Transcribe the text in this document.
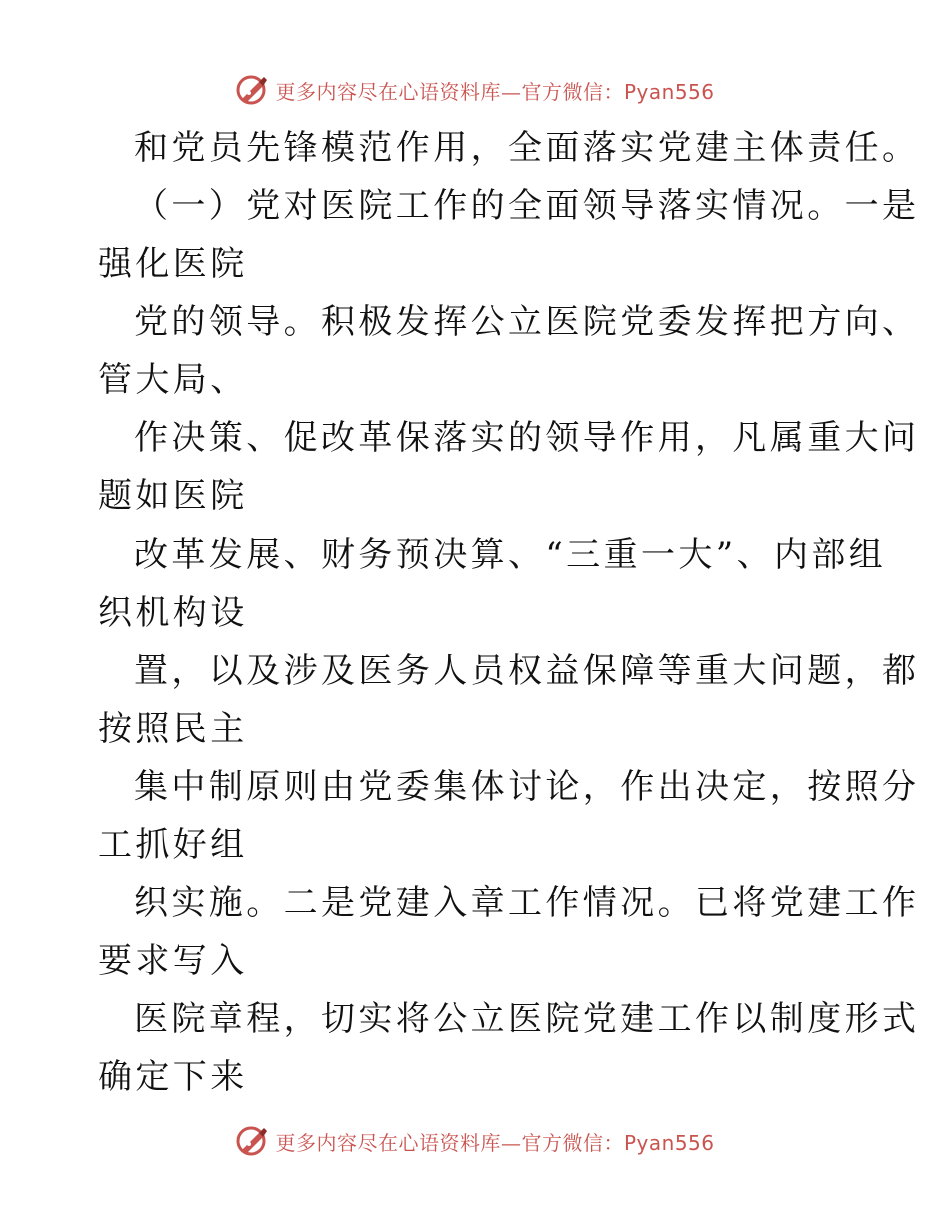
更多内容尽在心语资料库—官方微信：Pyan556
和党员先锋模范作用，全面落实党建主体责任。
（一）党对医院工作的全面领导落实情况。一是
强化医院
党的领导。积极发挥公立医院党委发挥把方向、
管大局、
作决策、促改革保落实的领导作用，凡属重大问
题如医院
改革发展、财务预决算、“三重一大”、内部组
织机构设
置，以及涉及医务人员权益保障等重大问题，都
按照民主
集中制原则由党委集体讨论，作出决定，按照分
工抓好组
织实施。二是党建入章工作情况。已将党建工作
要求写入
医院章程，切实将公立医院党建工作以制度形式
确定下来
更多内容尽在心语资料库—官方微信：Pyan556
